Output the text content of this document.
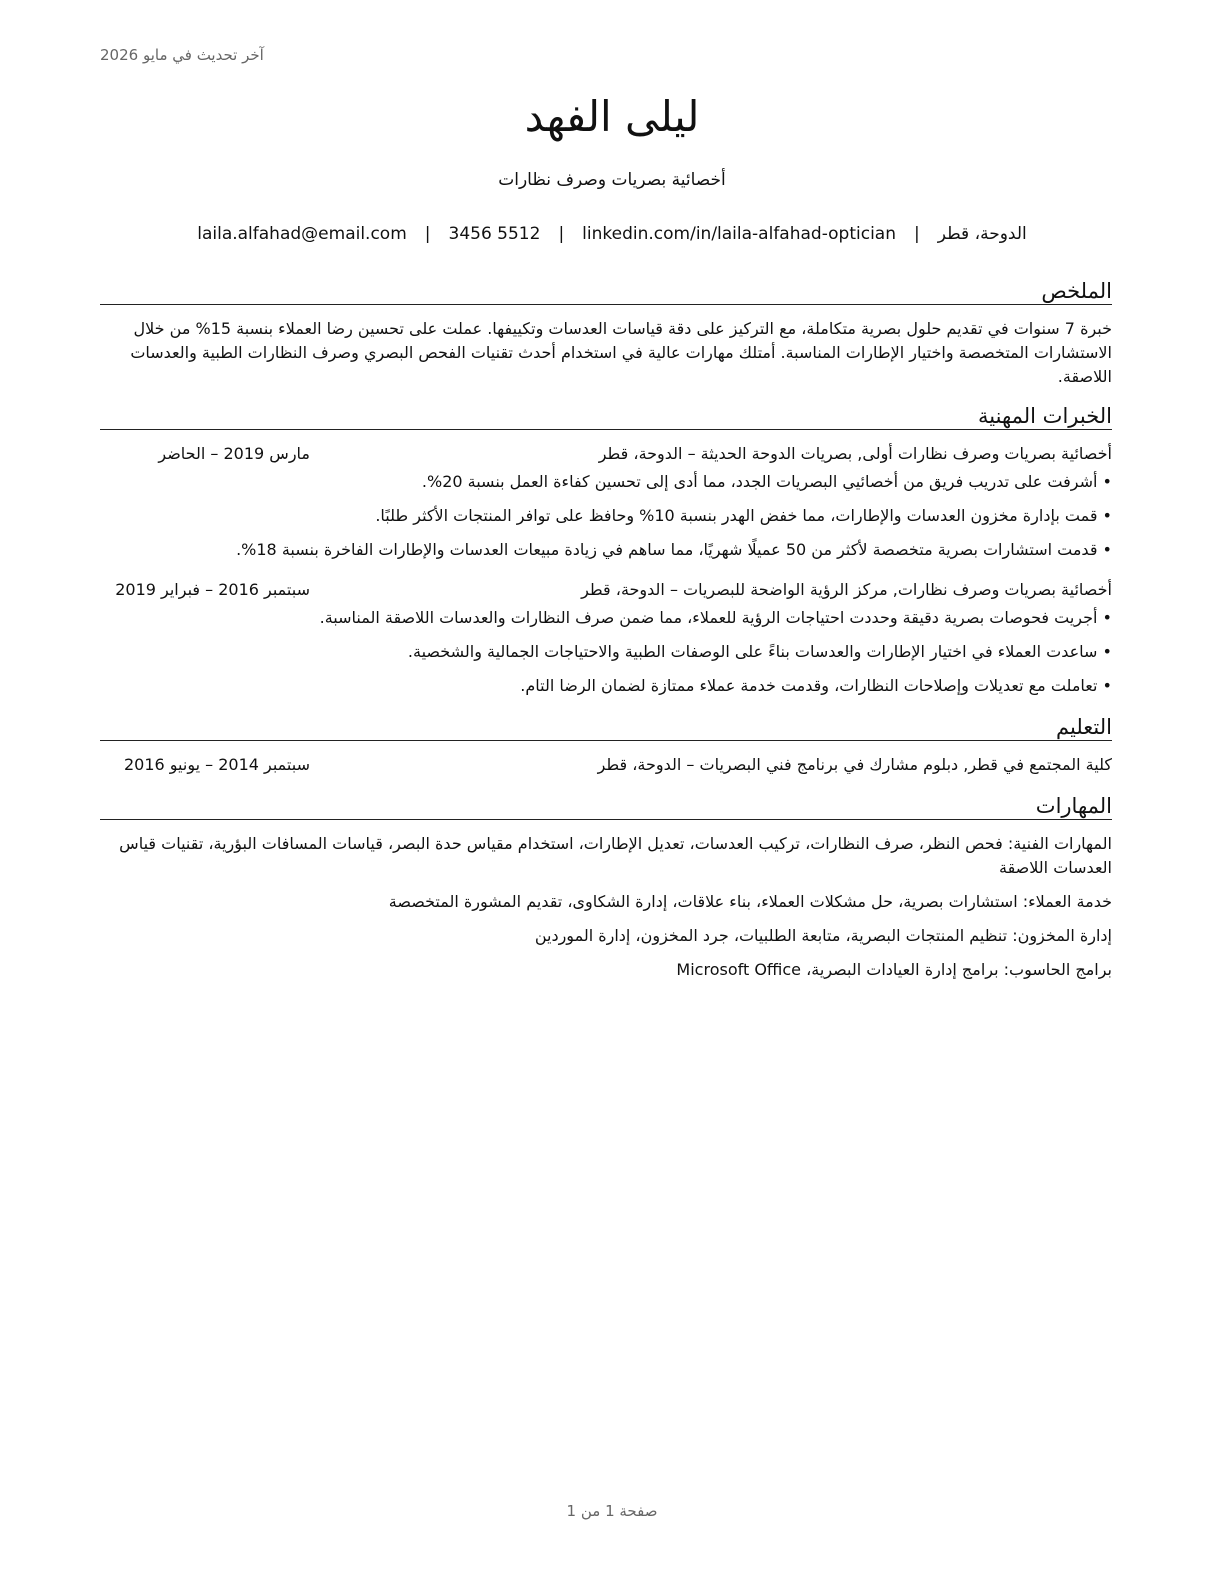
آخر تحديث في مايو 2026
ليلى الفهد
أخصائية بصريات وصرف نظارات
الدوحة، قطر|laila.alfahad@email.com | 3456 5512 | linkedin.com/in/laila-alfahad-optician
الملخص

خبرة 7 سنوات في تقديم حلول بصرية متكاملة، مع التركيز على دقة قياسات العدسات وتكييفها. عملت على تحسين رضا العملاء بنسبة 15% من خلال الاستشارات المتخصصة واختيار الإطارات المناسبة. أمتلك مهارات عالية في استخدام أحدث تقنيات الفحص البصري وصرف النظارات الطبية والعدسات اللاصقة.

الخبرات المهنية
أخصائية بصريات وصرف نظارات أولى, بصريات الدوحة الحديثة – الدوحة، قطر
مارس 2019 – الحاضر
• أشرفت على تدريب فريق من أخصائيي البصريات الجدد، مما أدى إلى تحسين كفاءة العمل بنسبة 20%.
• قمت بإدارة مخزون العدسات والإطارات، مما خفض الهدر بنسبة 10% وحافظ على توافر المنتجات الأكثر طلبًا.
• قدمت استشارات بصرية متخصصة لأكثر من 50 عميلًا شهريًا، مما ساهم في زيادة مبيعات العدسات والإطارات الفاخرة بنسبة 18%.
أخصائية بصريات وصرف نظارات, مركز الرؤية الواضحة للبصريات – الدوحة، قطر
سبتمبر 2016 – فبراير 2019
• أجريت فحوصات بصرية دقيقة وحددت احتياجات الرؤية للعملاء، مما ضمن صرف النظارات والعدسات اللاصقة المناسبة.
• ساعدت العملاء في اختيار الإطارات والعدسات بناءً على الوصفات الطبية والاحتياجات الجمالية والشخصية.
• تعاملت مع تعديلات وإصلاحات النظارات، وقدمت خدمة عملاء ممتازة لضمان الرضا التام.
التعليم
كلية المجتمع في قطر, دبلوم مشارك في برنامج فني البصريات – الدوحة، قطر
سبتمبر 2014 – يونيو 2016
المهارات
المهارات الفنية: فحص النظر، صرف النظارات، تركيب العدسات، تعديل الإطارات، استخدام مقياس حدة البصر، قياسات المسافات البؤرية، تقنيات قياس العدسات اللاصقة
خدمة العملاء: استشارات بصرية، حل مشكلات العملاء، بناء علاقات، إدارة الشكاوى، تقديم المشورة المتخصصة
إدارة المخزون: تنظيم المنتجات البصرية، متابعة الطلبيات، جرد المخزون، إدارة الموردين
برامج الحاسوب: برامج إدارة العيادات البصرية، Microsoft Office
صفحة 1 من 1
